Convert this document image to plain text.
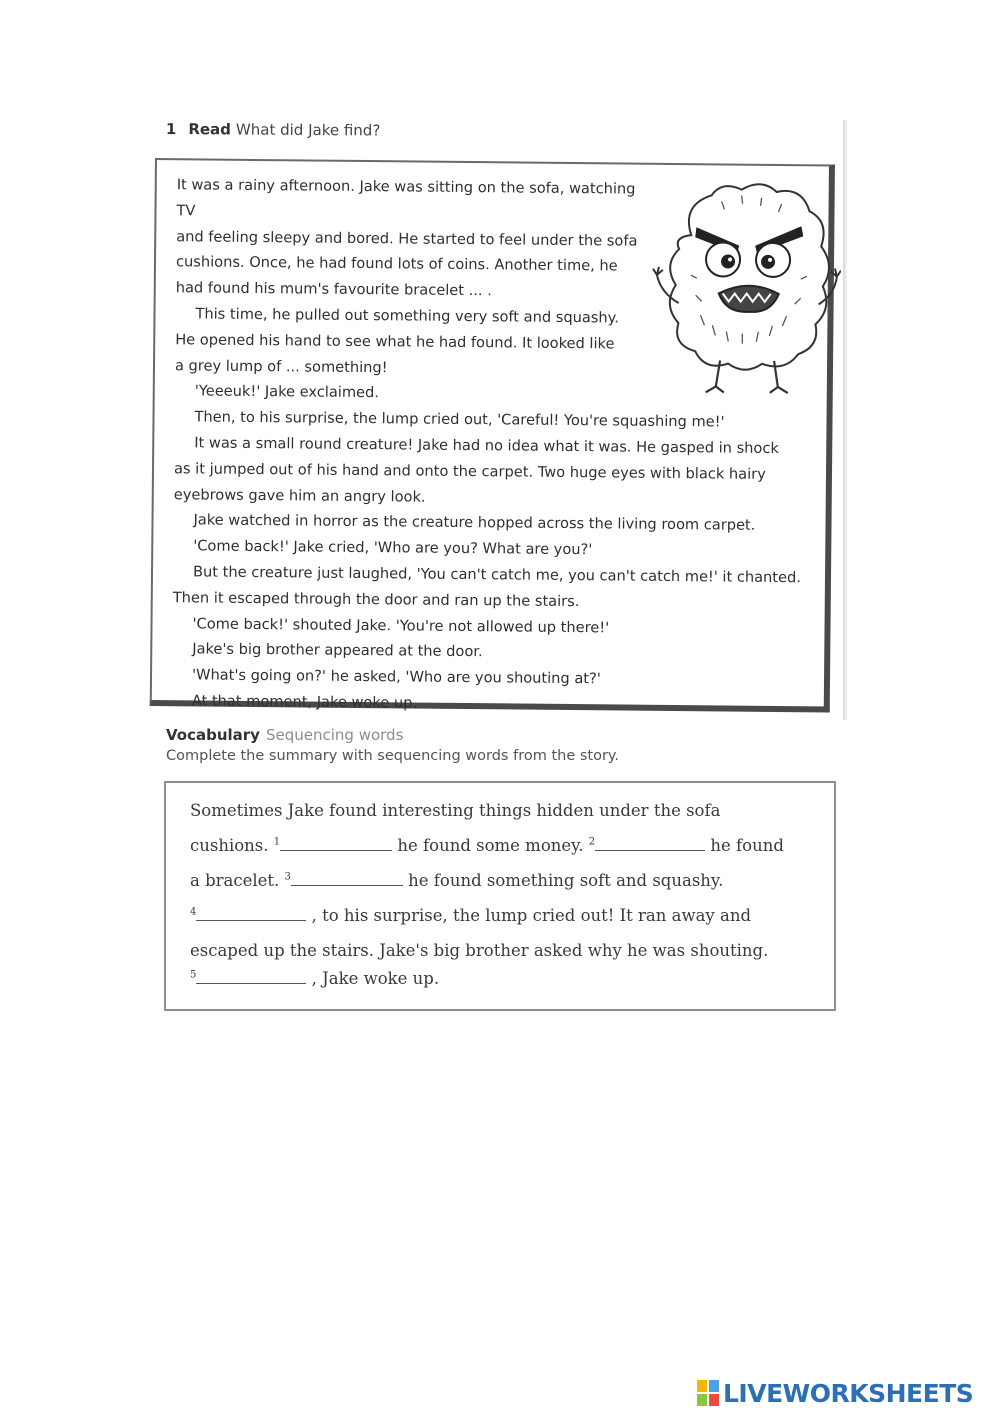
1 Read What did Jake find?

It was a rainy afternoon. Jake was sitting on the sofa, watching TV

and feeling sleepy and bored. He started to feel under the sofa

cushions. Once, he had found lots of coins. Another time, he

had found his mum's favourite bracelet ... .

This time, he pulled out something very soft and squashy.

He opened his hand to see what he had found. It looked like

a grey lump of ... something!

'Yeeeuk!' Jake exclaimed.

Then, to his surprise, the lump cried out, 'Careful! You're squashing me!'

It was a small round creature! Jake had no idea what it was. He gasped in shock

as it jumped out of his hand and onto the carpet. Two huge eyes with black hairy

eyebrows gave him an angry look.

Jake watched in horror as the creature hopped across the living room carpet.

'Come back!' Jake cried, 'Who are you? What are you?'

But the creature just laughed, 'You can't catch me, you can't catch me!' it chanted.

Then it escaped through the door and ran up the stairs.

'Come back!' shouted Jake. 'You're not allowed up there!'

Jake's big brother appeared at the door.

'What's going on?' he asked, 'Who are you shouting at?'

At that moment, Jake woke up.

Vocabulary Sequencing words
Complete the summary with sequencing words from the story.
Sometimes Jake found interesting things hidden under the sofa
cushions. $^1$	he found some money. $^2$	he found
a bracelet. $^3$	he found something soft and squashy.
$^4$	, to his surprise, the lump cried out! It ran away and
escaped up the stairs. Jake's big brother asked why he was shouting.
$^5$	, Jake woke up.
LIVEWORKSHEETS
